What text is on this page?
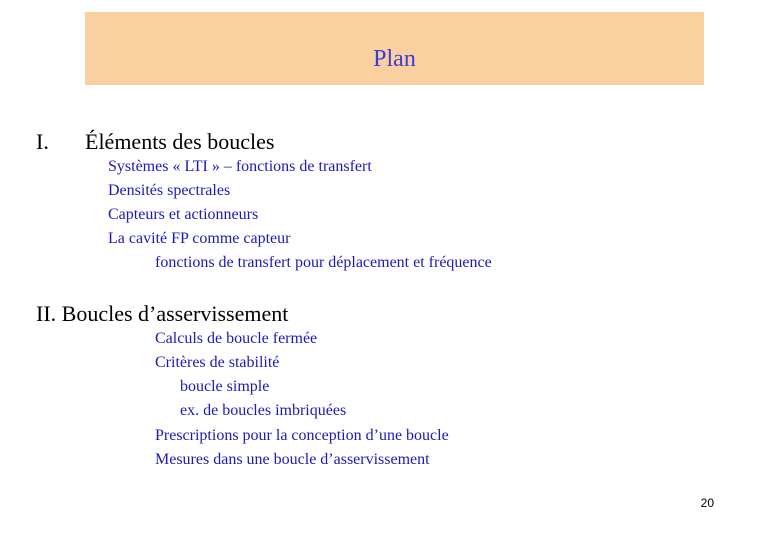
Plan
I. Éléments des boucles
Systèmes « LTI » – fonctions de transfert
Densités spectrales
Capteurs et actionneurs
La cavité FP comme capteur
fonctions de transfert pour déplacement et fréquence
II. Boucles d’asservissement
Calculs de boucle fermée
Critères de stabilité
boucle simple
ex. de boucles imbriquées
Prescriptions pour la conception d’une boucle
Mesures dans une boucle d’asservissement
20
